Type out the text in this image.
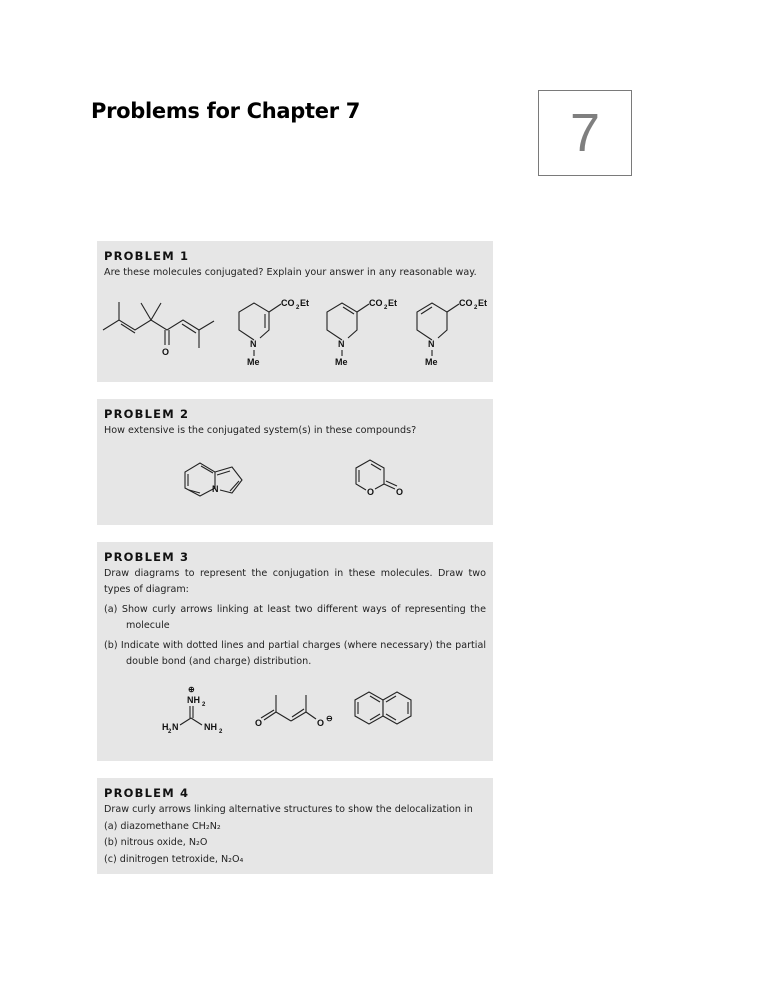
Problems for Chapter 7	7
PROBLEM 1

Are these molecules conjugated? Explain your answer in any reasonable way.

O
CO 2 Et
N
Me
CO 2 Et
N
Me
CO 2 Et
N
Me
PROBLEM 2

How extensive is the conjugated system(s) in these compounds?

N	O O
PROBLEM 3

Draw diagrams to represent the conjugation in these molecules. Draw two types of diagram:

(a) Show curly arrows linking at least two different ways of representing the molecule

(b) Indicate with dotted lines and partial charges (where necessary) the partial double bond (and charge) distribution.

⊕
NH 2
H 2 N	NH 2
O	O ⊖
PROBLEM 4

Draw curly arrows linking alternative structures to show the delocalization in

(a) diazomethane CH₂N₂

(b) nitrous oxide, N₂O

(c) dinitrogen tetroxide, N₂O₄
